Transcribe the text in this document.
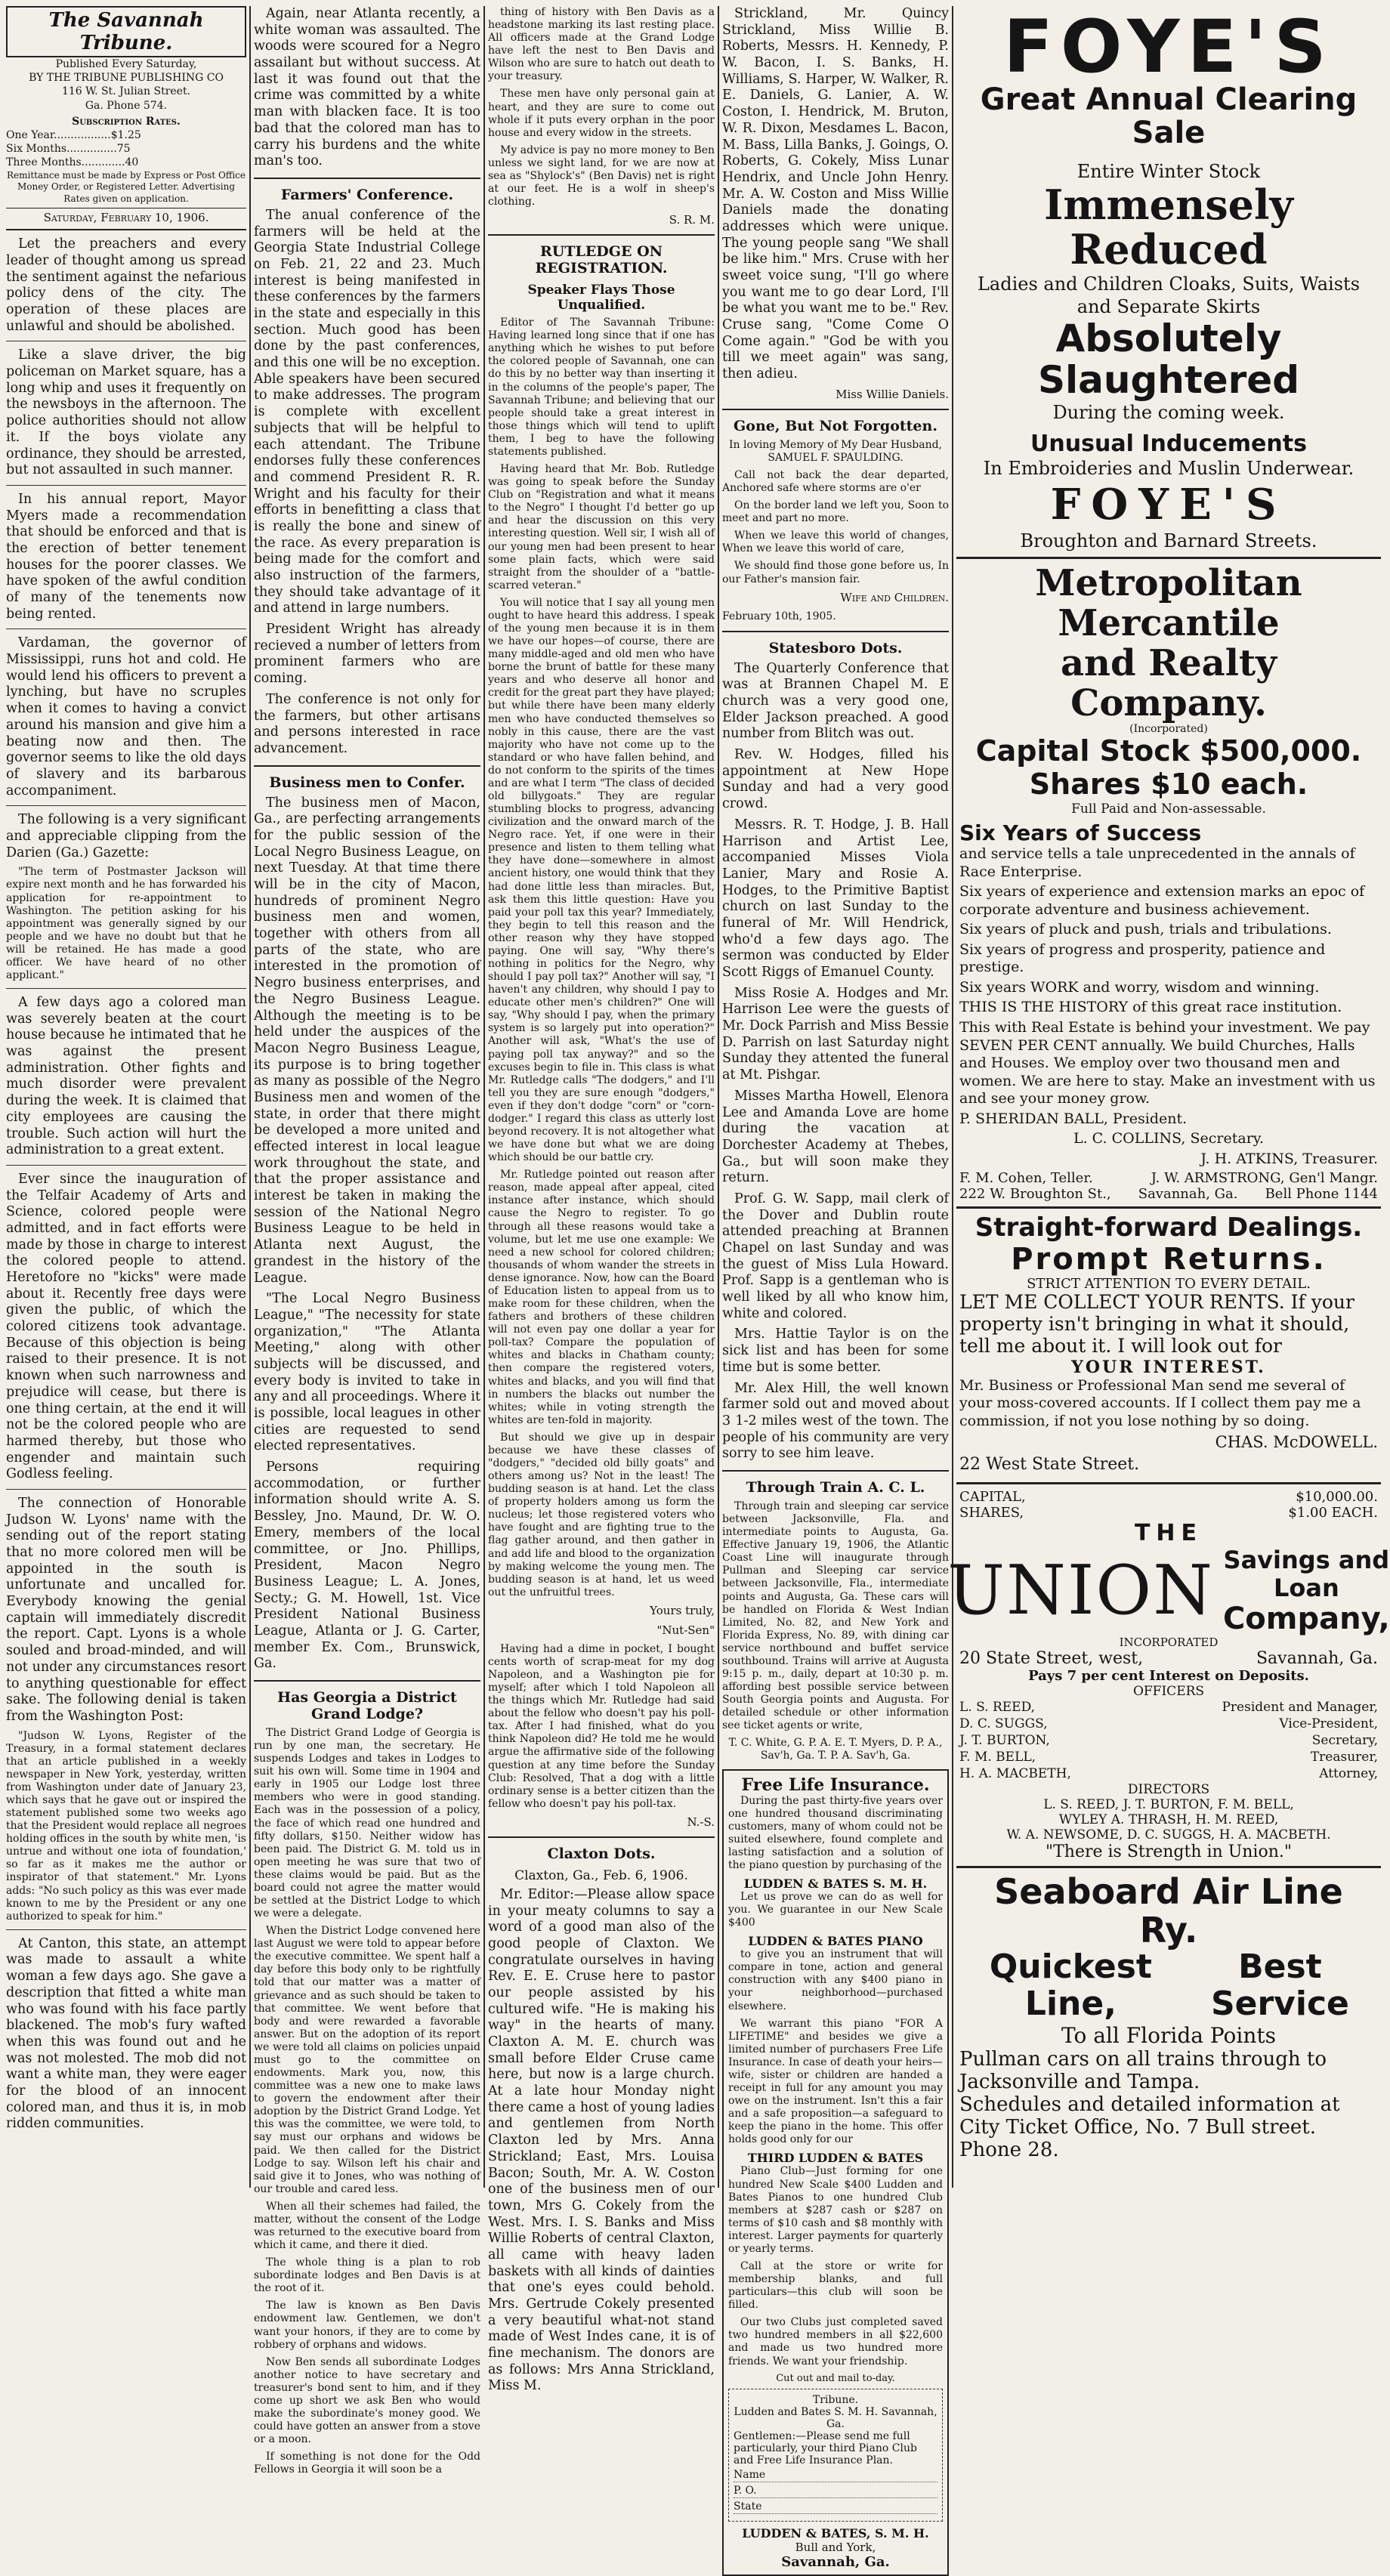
The Savannah Tribune.
Published Every Saturday,
BY THE TRIBUNE PUBLISHING CO
116 W. St. Julian Street.
Ga. Phone 574.
Subscription Rates.
One Year.................$1.25
Six Months...............75
Three Months.............40
Remittance must be made by Express or Post Office Money Order, or Registered Letter. Advertising Rates given on application.
Saturday, February 10, 1906.

Let the preachers and every leader of thought among us spread the sentiment against the nefarious policy dens of the city. The operation of these places are unlawful and should be abolished.

Like a slave driver, the big policeman on Market square, has a long whip and uses it frequently on the newsboys in the afternoon. The police authorities should not allow it. If the boys violate any ordinance, they should be arrested, but not assaulted in such manner.

In his annual report, Mayor Myers made a recommendation that should be enforced and that is the erection of better tenement houses for the poorer classes. We have spoken of the awful condition of many of the tenements now being rented.

Vardaman, the governor of Mississippi, runs hot and cold. He would lend his officers to prevent a lynching, but have no scruples when it comes to having a convict around his mansion and give him a beating now and then. The governor seems to like the old days of slavery and its barbarous accompaniment.

The following is a very significant and appreciable clipping from the Darien (Ga.) Gazette:

"The term of Postmaster Jackson will expire next month and he has forwarded his application for re-appointment to Washington. The petition asking for his appointment was generally signed by our people and we have no doubt but that he will be retained. He has made a good officer. We have heard of no other applicant."

A few days ago a colored man was severely beaten at the court house because he intimated that he was against the present administration. Other fights and much disorder were prevalent during the week. It is claimed that city employees are causing the trouble. Such action will hurt the administration to a great extent.

Ever since the inauguration of the Telfair Academy of Arts and Science, colored people were admitted, and in fact efforts were made by those in charge to interest the colored people to attend. Heretofore no "kicks" were made about it. Recently free days were given the public, of which the colored citizens took advantage. Because of this objection is being raised to their presence. It is not known when such narrowness and prejudice will cease, but there is one thing certain, at the end it will not be the colored people who are harmed thereby, but those who engender and maintain such Godless feeling.

The connection of Honorable Judson W. Lyons' name with the sending out of the report stating that no more colored men will be appointed in the south is unfortunate and uncalled for. Everybody knowing the genial captain will immediately discredit the report. Capt. Lyons is a whole souled and broad-minded, and will not under any circumstances resort to anything questionable for effect sake. The following denial is taken from the Washington Post:

"Judson W. Lyons, Register of the Treasury, in a formal statement declares that an article published in a weekly newspaper in New York, yesterday, written from Washington under date of January 23, which says that he gave out or inspired the statement published some two weeks ago that the President would replace all negroes holding offices in the south by white men, 'is untrue and without one iota of foundation,' so far as it makes me the author or inspirator of that statement." Mr. Lyons adds: "No such policy as this was ever made known to me by the President or any one authorized to speak for him."

At Canton, this state, an attempt was made to assault a white woman a few days ago. She gave a description that fitted a white man who was found with his face partly blackened. The mob's fury wafted when this was found out and he was not molested. The mob did not want a white man, they were eager for the blood of an innocent colored man, and thus it is, in mob ridden communities.

Again, near Atlanta recently, a white woman was assaulted. The woods were scoured for a Negro assailant but without success. At last it was found out that the crime was committed by a white man with blacken face. It is too bad that the colored man has to carry his burdens and the white man's too.

Farmers' Conference.

The anual conference of the farmers will be held at the Georgia State Industrial College on Feb. 21, 22 and 23. Much interest is being manifested in these conferences by the farmers in the state and especially in this section. Much good has been done by the past conferences, and this one will be no exception. Able speakers have been secured to make addresses. The program is complete with excellent subjects that will be helpful to each attendant. The Tribune endorses fully these conferences and commend President R. R. Wright and his faculty for their efforts in benefitting a class that is really the bone and sinew of the race. As every preparation is being made for the comfort and also instruction of the farmers, they should take advantage of it and attend in large numbers.

President Wright has already recieved a number of letters from prominent farmers who are coming.

The conference is not only for the farmers, but other artisans and persons interested in race advancement.

Business men to Confer.

The business men of Macon, Ga., are perfecting arrangements for the public session of the Local Negro Business League, on next Tuesday. At that time there will be in the city of Macon, hundreds of prominent Negro business men and women, together with others from all parts of the state, who are interested in the promotion of Negro business enterprises, and the Negro Business League. Although the meeting is to be held under the auspices of the Macon Negro Business League, its purpose is to bring together as many as possible of the Negro Business men and women of the state, in order that there might be developed a more united and effected interest in local league work throughout the state, and that the proper assistance and interest be taken in making the session of the National Negro Business League to be held in Atlanta next August, the grandest in the history of the League.

"The Local Negro Business League," "The necessity for state organization," "The Atlanta Meeting," along with other subjects will be discussed, and every body is invited to take in any and all proceedings. Where it is possible, local leagues in other cities are requested to send elected representatives.

Persons requiring accommodation, or further information should write A. S. Bessley, Jno. Maund, Dr. W. O. Emery, members of the local committee, or Jno. Phillips, President, Macon Negro Business League; L. A. Jones, Secty.; G. M. Howell, 1st. Vice President National Business League, Atlanta or J. G. Carter, member Ex. Com., Brunswick, Ga.

Has Georgia a District Grand Lodge?

The District Grand Lodge of Georgia is run by one man, the secretary. He suspends Lodges and takes in Lodges to suit his own will. Some time in 1904 and early in 1905 our Lodge lost three members who were in good standing. Each was in the possession of a policy, the face of which read one hundred and fifty dollars, $150. Neither widow has been paid. The District G. M. told us in open meeting he was sure that two of these claims would be paid. But as the board could not agree the matter would be settled at the District Lodge to which we were a delegate.

When the District Lodge convened here last August we were told to appear before the executive committee. We spent half a day before this body only to be rightfully told that our matter was a matter of grievance and as such should be taken to that committee. We went before that body and were rewarded a favorable answer. But on the adoption of its report we were told all claims on policies unpaid must go to the committee on endowments. Mark you, now, this committee was a new one to make laws to govern the endowment after their adoption by the District Grand Lodge. Yet this was the committee, we were told, to say must our orphans and widows be paid. We then called for the District Lodge to say. Wilson left his chair and said give it to Jones, who was nothing of our trouble and cared less.

When all their schemes had failed, the matter, without the consent of the Lodge was returned to the executive board from which it came, and there it died.

The whole thing is a plan to rob subordinate lodges and Ben Davis is at the root of it.

The law is known as Ben Davis endowment law. Gentlemen, we don't want your honors, if they are to come by robbery of orphans and widows.

Now Ben sends all subordinate Lodges another notice to have secretary and treasurer's bond sent to him, and if they come up short we ask Ben who would make the subordinate's money good. We could have gotten an answer from a stove or a moon.

If something is not done for the Odd Fellows in Georgia it will soon be a

thing of history with Ben Davis as a headstone marking its last resting place. All officers made at the Grand Lodge have left the nest to Ben Davis and Wilson who are sure to hatch out death to your treasury.

These men have only personal gain at heart, and they are sure to come out whole if it puts every orphan in the poor house and every widow in the streets.

My advice is pay no more money to Ben unless we sight land, for we are now at sea as "Shylock's" (Ben Davis) net is right at our feet. He is a wolf in sheep's clothing.

S. R. M.
RUTLEDGE ON REGISTRATION.
Speaker Flays Those Unqualified.

Editor of The Savannah Tribune: Having learned long since that if one has anything which he wishes to put before the colored people of Savannah, one can do this by no better way than inserting it in the columns of the people's paper, The Savannah Tribune; and believing that our people should take a great interest in those things which will tend to uplift them, I beg to have the following statements published.

Having heard that Mr. Bob. Rutledge was going to speak before the Sunday Club on "Registration and what it means to the Negro" I thought I'd better go up and hear the discussion on this very interesting question. Well sir, I wish all of our young men had been present to hear some plain facts, which were said straight from the shoulder of a "battle-scarred veteran."

You will notice that I say all young men ought to have heard this address. I speak of the young men because it is in them we have our hopes—of course, there are many middle-aged and old men who have borne the brunt of battle for these many years and who deserve all honor and credit for the great part they have played; but while there have been many elderly men who have conducted themselves so nobly in this cause, there are the vast majority who have not come up to the standard or who have fallen behind, and do not conform to the spirits of the times and are what I term "The class of decided old billygoats." They are regular stumbling blocks to progress, advancing civilization and the onward march of the Negro race. Yet, if one were in their presence and listen to them telling what they have done—somewhere in almost ancient history, one would think that they had done little less than miracles. But, ask them this little question: Have you paid your poll tax this year? Immediately, they begin to tell this reason and the other reason why they have stopped paying. One will say, "Why there's nothing in politics for the Negro, why should I pay poll tax?" Another will say, "I haven't any children, why should I pay to educate other men's children?" One will say, "Why should I pay, when the primary system is so largely put into operation?" Another will ask, "What's the use of paying poll tax anyway?" and so the excuses begin to file in. This class is what Mr. Rutledge calls "The dodgers," and I'll tell you they are sure enough "dodgers," even if they don't dodge "corn" or "corn-dodger." I regard this class as utterly lost beyond recovery. It is not altogether what we have done but what we are doing which should be our battle cry.

Mr. Rutledge pointed out reason after reason, made appeal after appeal, cited instance after instance, which should cause the Negro to register. To go through all these reasons would take a volume, but let me use one example: We need a new school for colored children; thousands of whom wander the streets in dense ignorance. Now, how can the Board of Education listen to appeal from us to make room for these children, when the fathers and brothers of these children will not even pay one dollar a year for poll-tax? Compare the population of whites and blacks in Chatham county; then compare the registered voters, whites and blacks, and you will find that in numbers the blacks out number the whites; while in voting strength the whites are ten-fold in majority.

But should we give up in despair because we have these classes of "dodgers," "decided old billy goats" and others among us? Not in the least! The budding season is at hand. Let the class of property holders among us form the nucleus; let those registered voters who have fought and are fighting true to the flag gather around, and then gather in and add life and blood to the organization by making welcome the young men. The budding season is at hand, let us weed out the unfruitful trees.

Yours truly,
"Nut-Sen"

Having had a dime in pocket, I bought cents worth of scrap-meat for my dog Napoleon, and a Washington pie for myself; after which I told Napoleon all the things which Mr. Rutledge had said about the fellow who doesn't pay his poll-tax. After I had finished, what do you think Napoleon did? He told me he would argue the affirmative side of the following question at any time before the Sunday Club: Resolved, That a dog with a little ordinary sense is a better citizen than the fellow who doesn't pay his poll-tax.

N.-S.
Claxton Dots.
Claxton, Ga., Feb. 6, 1906.

Mr. Editor:—Please allow space in your meaty columns to say a word of a good man also of the good people of Claxton. We congratulate ourselves in having Rev. E. E. Cruse here to pastor our people assisted by his cultured wife. "He is making his way" in the hearts of many. Claxton A. M. E. church was small before Elder Cruse came here, but now is a large church. At a late hour Monday night there came a host of young ladies and gentlemen from North Claxton led by Mrs. Anna Strickland; East, Mrs. Louisa Bacon; South, Mr. A. W. Coston one of the business men of our town, Mrs G. Cokely from the West. Mrs. I. S. Banks and Miss Willie Roberts of central Claxton, all came with heavy laden baskets with all kinds of dainties that one's eyes could behold. Mrs. Gertrude Cokely presented a very beautiful what-not stand made of West Indes cane, it is of fine mechanism. The donors are as follows: Mrs Anna Strickland, Miss M.

Strickland, Mr. Quincy Strickland, Miss Willie B. Roberts, Messrs. H. Kennedy, P. W. Bacon, I. S. Banks, H. Williams, S. Harper, W. Walker, R. E. Daniels, G. Lanier, A. W. Coston, I. Hendrick, M. Bruton, W. R. Dixon, Mesdames L. Bacon, M. Bass, Lilla Banks, J. Goings, O. Roberts, G. Cokely, Miss Lunar Hendrix, and Uncle John Henry. Mr. A. W. Coston and Miss Willie Daniels made the donating addresses which were unique. The young people sang "We shall be like him." Mrs. Cruse with her sweet voice sung, "I'll go where you want me to go dear Lord, I'll be what you want me to be." Rev. Cruse sang, "Come Come O Come again." "God be with you till we meet again" was sang, then adieu.

Miss Willie Daniels.
Gone, But Not Forgotten.

In loving Memory of My Dear Husband, SAMUEL F. SPAULDING.

Call not back the dear departed, Anchored safe where storms are o'er

On the border land we left you, Soon to meet and part no more.

When we leave this world of changes, When we leave this world of care,

We should find those gone before us, In our Father's mansion fair.

Wife and Children.

February 10th, 1905.

Statesboro Dots.

The Quarterly Conference that was at Brannen Chapel M. E church was a very good one, Elder Jackson preached. A good number from Blitch was out.

Rev. W. Hodges, filled his appointment at New Hope Sunday and had a very good crowd.

Messrs. R. T. Hodge, J. B. Hall Harrison and Artist Lee, accompanied Misses Viola Lanier, Mary and Rosie A. Hodges, to the Primitive Baptist church on last Sunday to the funeral of Mr. Will Hendrick, who'd a few days ago. The sermon was conducted by Elder Scott Riggs of Emanuel County.

Miss Rosie A. Hodges and Mr. Harrison Lee were the guests of Mr. Dock Parrish and Miss Bessie D. Parrish on last Saturday night Sunday they attented the funeral at Mt. Pishgar.

Misses Martha Howell, Elenora Lee and Amanda Love are home during the vacation at Dorchester Academy at Thebes, Ga., but will soon make they return.

Prof. G. W. Sapp, mail clerk of the Dover and Dublin route attended preaching at Brannen Chapel on last Sunday and was the guest of Miss Lula Howard. Prof. Sapp is a gentleman who is well liked by all who know him, white and colored.

Mrs. Hattie Taylor is on the sick list and has been for some time but is some better.

Mr. Alex Hill, the well known farmer sold out and moved about 3 1-2 miles west of the town. The people of his community are very sorry to see him leave.

Through Train A. C. L.

Through train and sleeping car service between Jacksonville, Fla. and intermediate points to Augusta, Ga. Effective January 19, 1906, the Atlantic Coast Line will inaugurate through Pullman and Sleeping car service between Jacksonville, Fla., intermediate points and Augusta, Ga. These cars will be handled on Florida & West Indian Limited, No. 82, and New York and Florida Express, No. 89, with dining car service northbound and buffet service southbound. Trains will arrive at Augusta 9:15 p. m., daily, depart at 10:30 p. m. affording best possible service between South Georgia points and Augusta. For detailed schedule or other information see ticket agents or write,

T. C. White, G. P. A. E. T. Myers, D. P. A., Sav'h, Ga. T. P. A. Sav'h, Ga.

Free Life Insurance.

During the past thirty-five years over one hundred thousand discriminating customers, many of whom could not be suited elsewhere, found complete and lasting satisfaction and a solution of the piano question by purchasing of the

LUDDEN & BATES S. M. H.

Let us prove we can do as well for you. We guarantee in our New Scale $400

LUDDEN & BATES PIANO

to give you an instrument that will compare in tone, action and general construction with any $400 piano in your neighborhood—purchased elsewhere.

We warrant this piano "FOR A LIFETIME" and besides we give a limited number of purchasers Free Life Insurance. In case of death your heirs—wife, sister or children are handed a receipt in full for any amount you may owe on the instrument. Isn't this a fair and a safe proposition—a safeguard to keep the piano in the home. This offer holds good only for our

THIRD LUDDEN & BATES

Piano Club—Just forming for one hundred New Scale $400 Ludden and Bates Pianos to one hundred Club members at $287 cash or $287 on terms of $10 cash and $8 monthly with interest. Larger payments for quarterly or yearly terms.

Call at the store or write for membership blanks, and full particulars—this club will soon be filled.

Our two Clubs just completed saved two hundred members in all $22,600 and made us two hundred more friends. We want your friendship.

Cut out and mail to-day.
Tribune.
Ludden and Bates S. M. H. Savannah, Ga.
Gentlemen:—Please send me full particularly, your third Piano Club and Free Life Insurance Plan.
Name
P. O.
State
LUDDEN & BATES, S. M. H.
Bull and York,
Savannah, Ga.
FOYE'S
Great Annual Clearing Sale
Entire Winter Stock
Immensely Reduced
Ladies and Children Cloaks, Suits, Waists and Separate Skirts
Absolutely Slaughtered
During the coming week.
Unusual Inducements
In Embroideries and Muslin Underwear.
FOYE'S
Broughton and Barnard Streets.
Metropolitan Mercantile
and Realty Company.
(Incorporated)
Capital Stock $500,000.
Shares $10 each.
Full Paid and Non-assessable.
Six Years of Success

and service tells a tale unprecedented in the annals of Race Enterprise.

Six years of experience and extension marks an epoc of corporate adventure and business achievement.

Six years of pluck and push, trials and tribulations.

Six years of progress and prosperity, patience and prestige.

Six years WORK and worry, wisdom and winning.

THIS IS THE HISTORY of this great race institution.

This with Real Estate is behind your investment. We pay SEVEN PER CENT annually. We build Churches, Halls and Houses. We employ over two thousand men and women. We are here to stay. Make an investment with us and see your money grow.

P. SHERIDAN BALL, President.

L. C. COLLINS, Secretary.

J. H. ATKINS, Treasurer.

F. M. Cohen, Teller.	J. W. ARMSTRONG, Gen'l Mangr.
222 W. Broughton St., Savannah, Ga. Bell Phone 1144
Straight-forward Dealings.
Prompt Returns.
STRICT ATTENTION TO EVERY DETAIL.
LET ME COLLECT YOUR RENTS. If your property isn't bringing in what it should, tell me about it. I will look out for
YOUR INTEREST.

Mr. Business or Professional Man send me several of your moss-covered accounts. If I collect them pay me a commission, if not you lose nothing by so doing.

CHAS. McDOWELL.

22 West State Street.

CAPITAL,	$10,000.00.
SHARES,	$1.00 EACH.
THE
UNION Savings and Loan
Company,
INCORPORATED
20 State Street, west,	Savannah, Ga.
Pays 7 per cent Interest on Deposits.
OFFICERS
L. S. REED,	President and Manager,
D. C. SUGGS,	Vice-President,
J. T. BURTON,	Secretary,
F. M. BELL,	Treasurer,
H. A. MACBETH,	Attorney,
DIRECTORS
L. S. REED, J. T. BURTON, F. M. BELL,
WYLEY A. THRASH, H. M. REED,
W. A. NEWSOME, D. C. SUGGS, H. A. MACBETH.
"There is Strength in Union."
Seaboard Air Line Ry.
Quickest Line,
Best Service
To all Florida Points
Pullman cars on all trains through to Jacksonville and Tampa.
Schedules and detailed information at City Ticket Office, No. 7 Bull street.
Phone 28.
